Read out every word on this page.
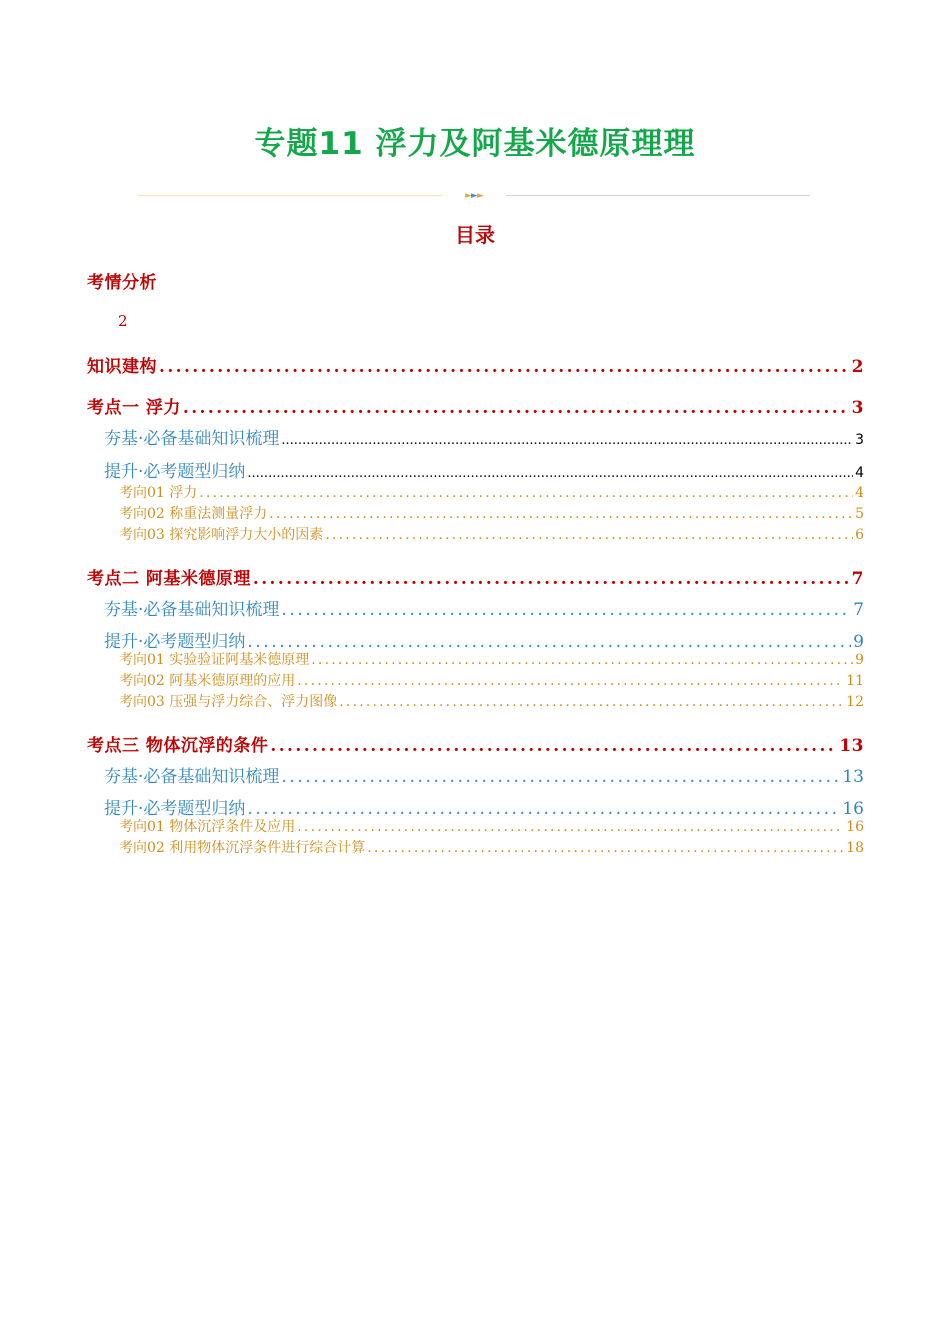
专题11 浮力及阿基米德原理理
►►►
目录
考情分析
2
知识建构 .....	2
考点一 浮力 .....	3
夯基·必备基础知识梳理 .....	3
提升·必考题型归纳 .....	4
考向01 浮力 .....	4
考向02 称重法测量浮力 .....	5
考向03 探究影响浮力大小的因素 .....	6
考点二 阿基米德原理 .....	7
夯基·必备基础知识梳理 .....	7
提升·必考题型归纳 .....	9
考向01 实验验证阿基米德原理 .....	9
考向02 阿基米德原理的应用 .....	11
考向03 压强与浮力综合、浮力图像 .....	12
考点三 物体沉浮的条件 .....	13
夯基·必备基础知识梳理 .....	13
提升·必考题型归纳 .....	16
考向01 物体沉浮条件及应用 .....	16
考向02 利用物体沉浮条件进行综合计算 .....	18
